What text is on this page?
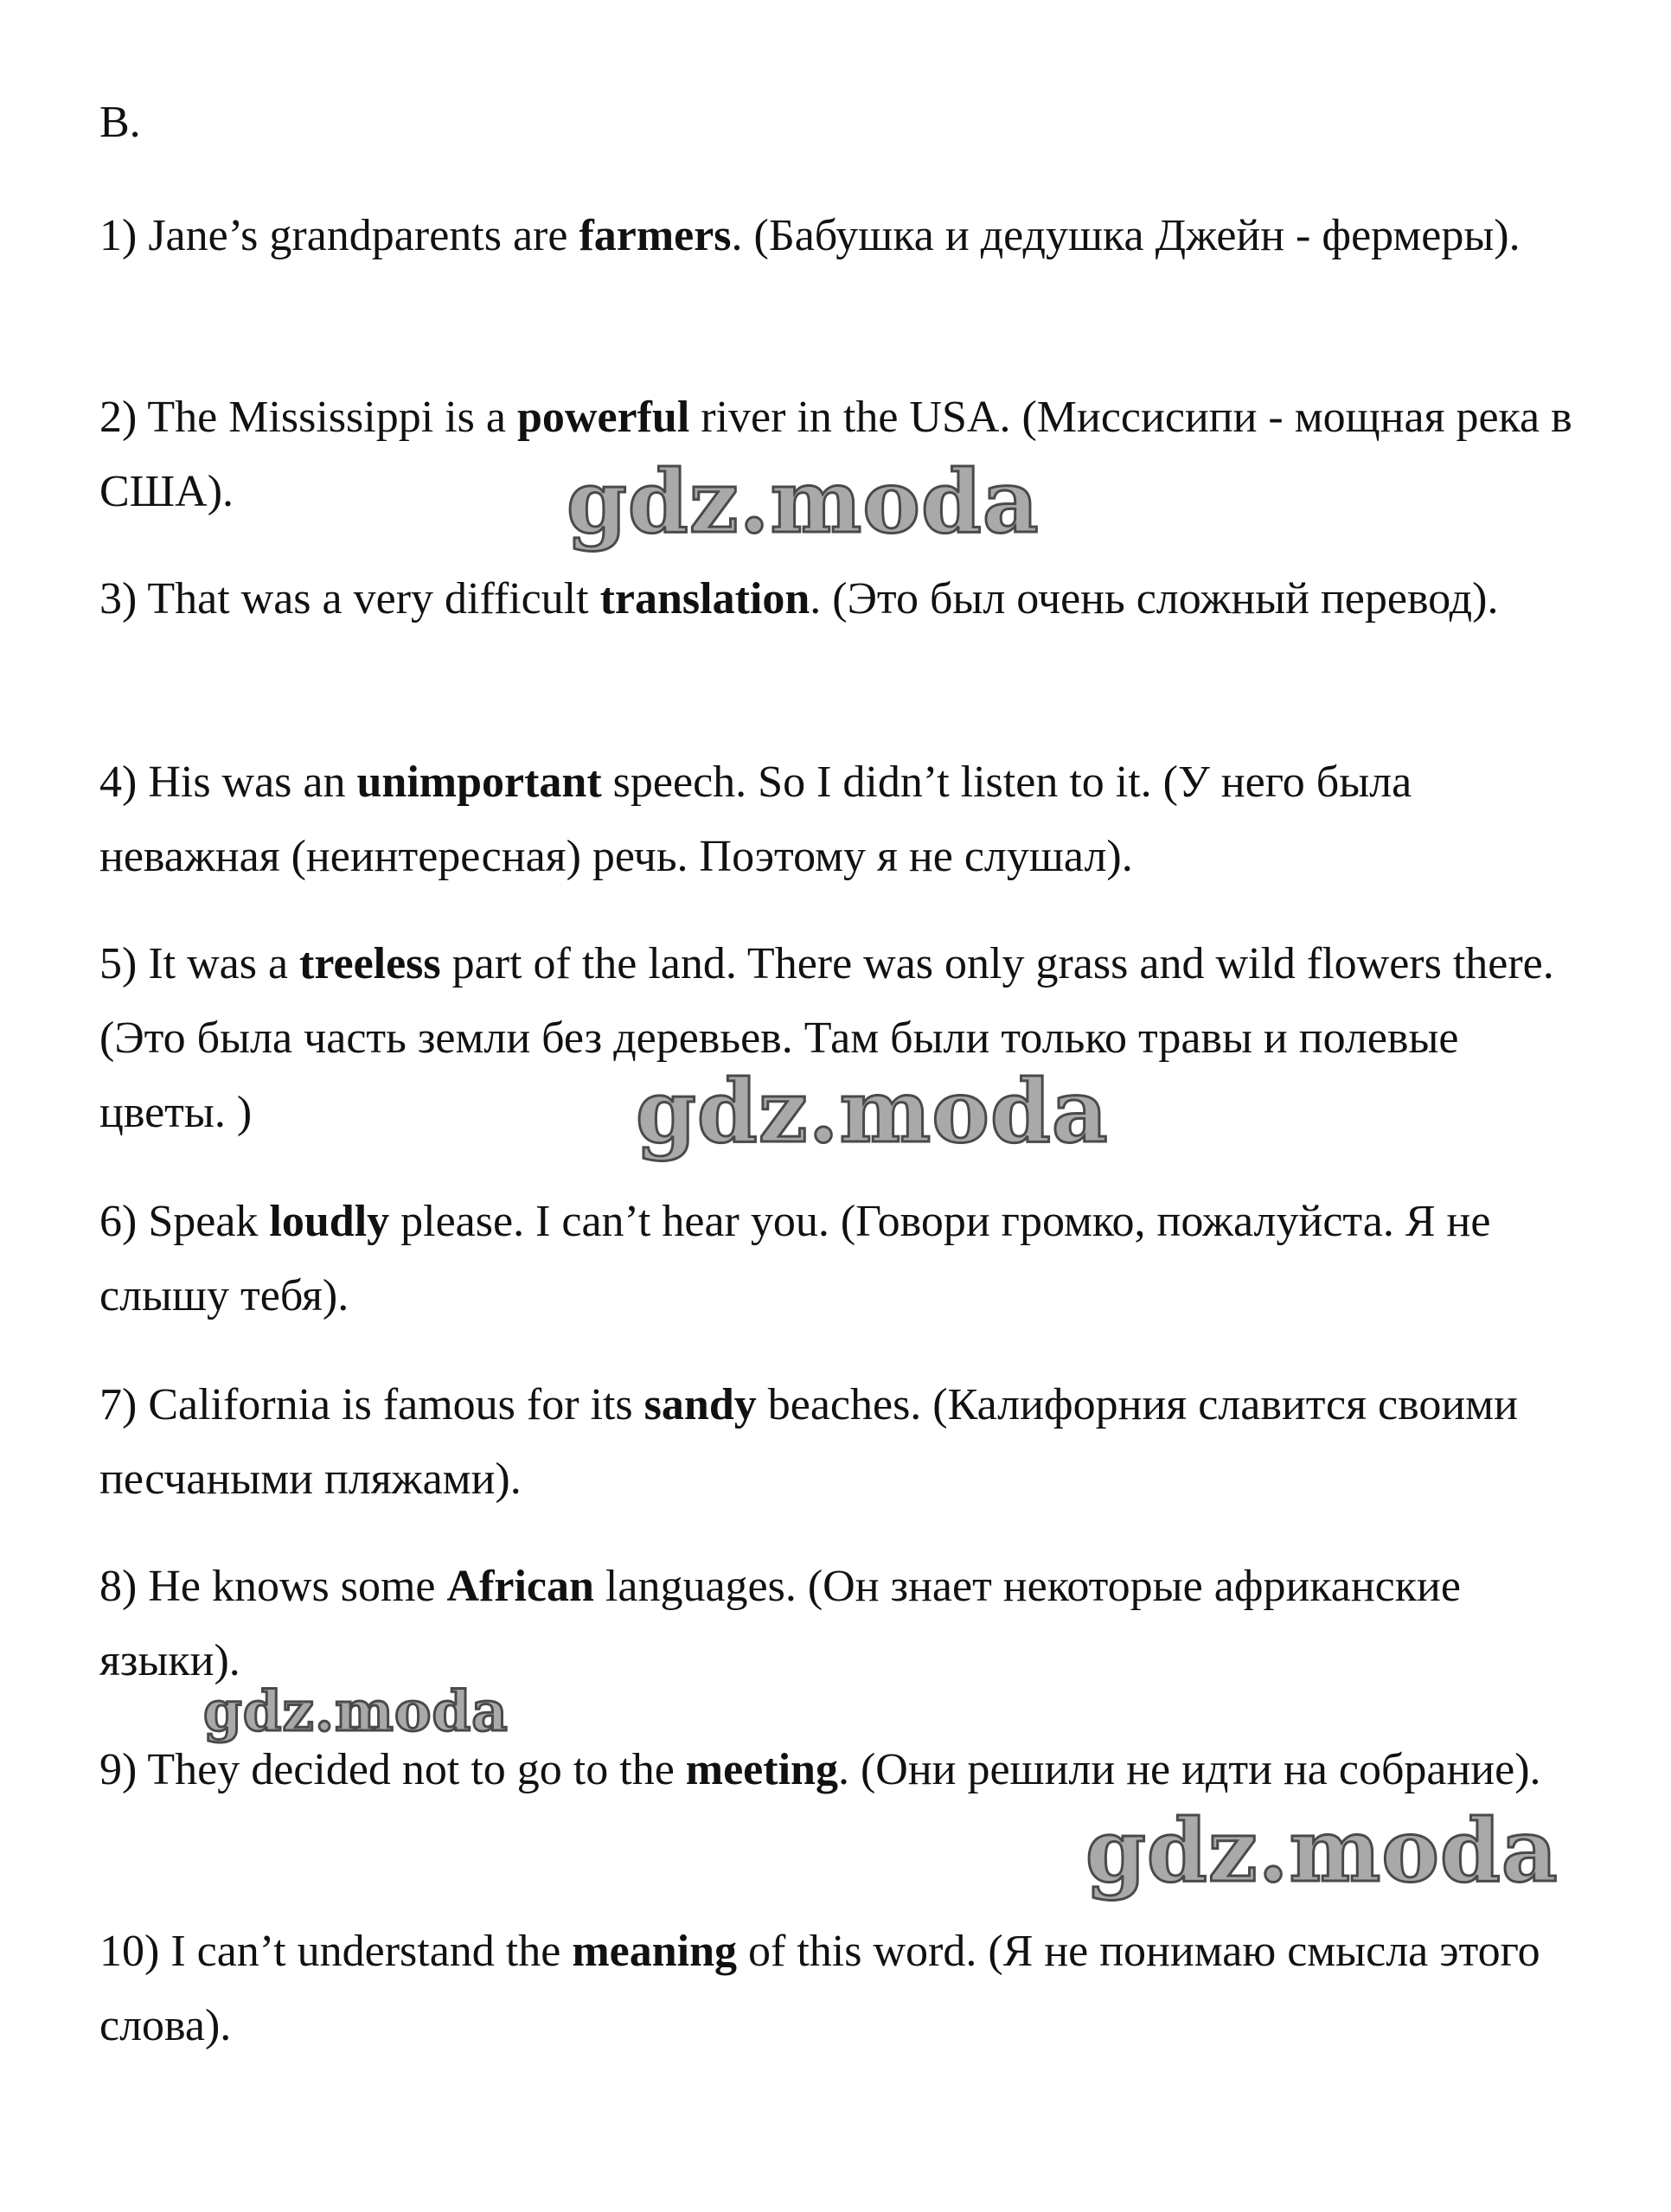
B.

1) Jane’s grandparents are farmers. (Бабушка и дедушка Джейн - фермеры).

2) The Mississippi is a powerful river in the USA. (Миссисипи - мощная река в США).

3) That was a very difficult translation. (Это был очень сложный перевод).

4) His was an unimportant speech. So I didn’t listen to it. (У него была неважная (неинтересная) речь. Поэтому я не слушал).

5) It was a treeless part of the land. There was only grass and wild flowers there. (Это была часть земли без деревьев. Там были только травы и полевые цветы. )

6) Speak loudly please. I can’t hear you. (Говори громко, пожалуйста. Я не слышу тебя).

7) California is famous for its sandy beaches. (Калифорния славится своими песчаными пляжами).

8) He knows some African languages. (Он знает некоторые африканские языки).

9) They decided not to go to the meeting. (Они решили не идти на собрание).

10) I can’t understand the meaning of this word. (Я не понимаю смысла этого слова).

gdz.moda
gdz.moda
gdz.moda
gdz.moda
